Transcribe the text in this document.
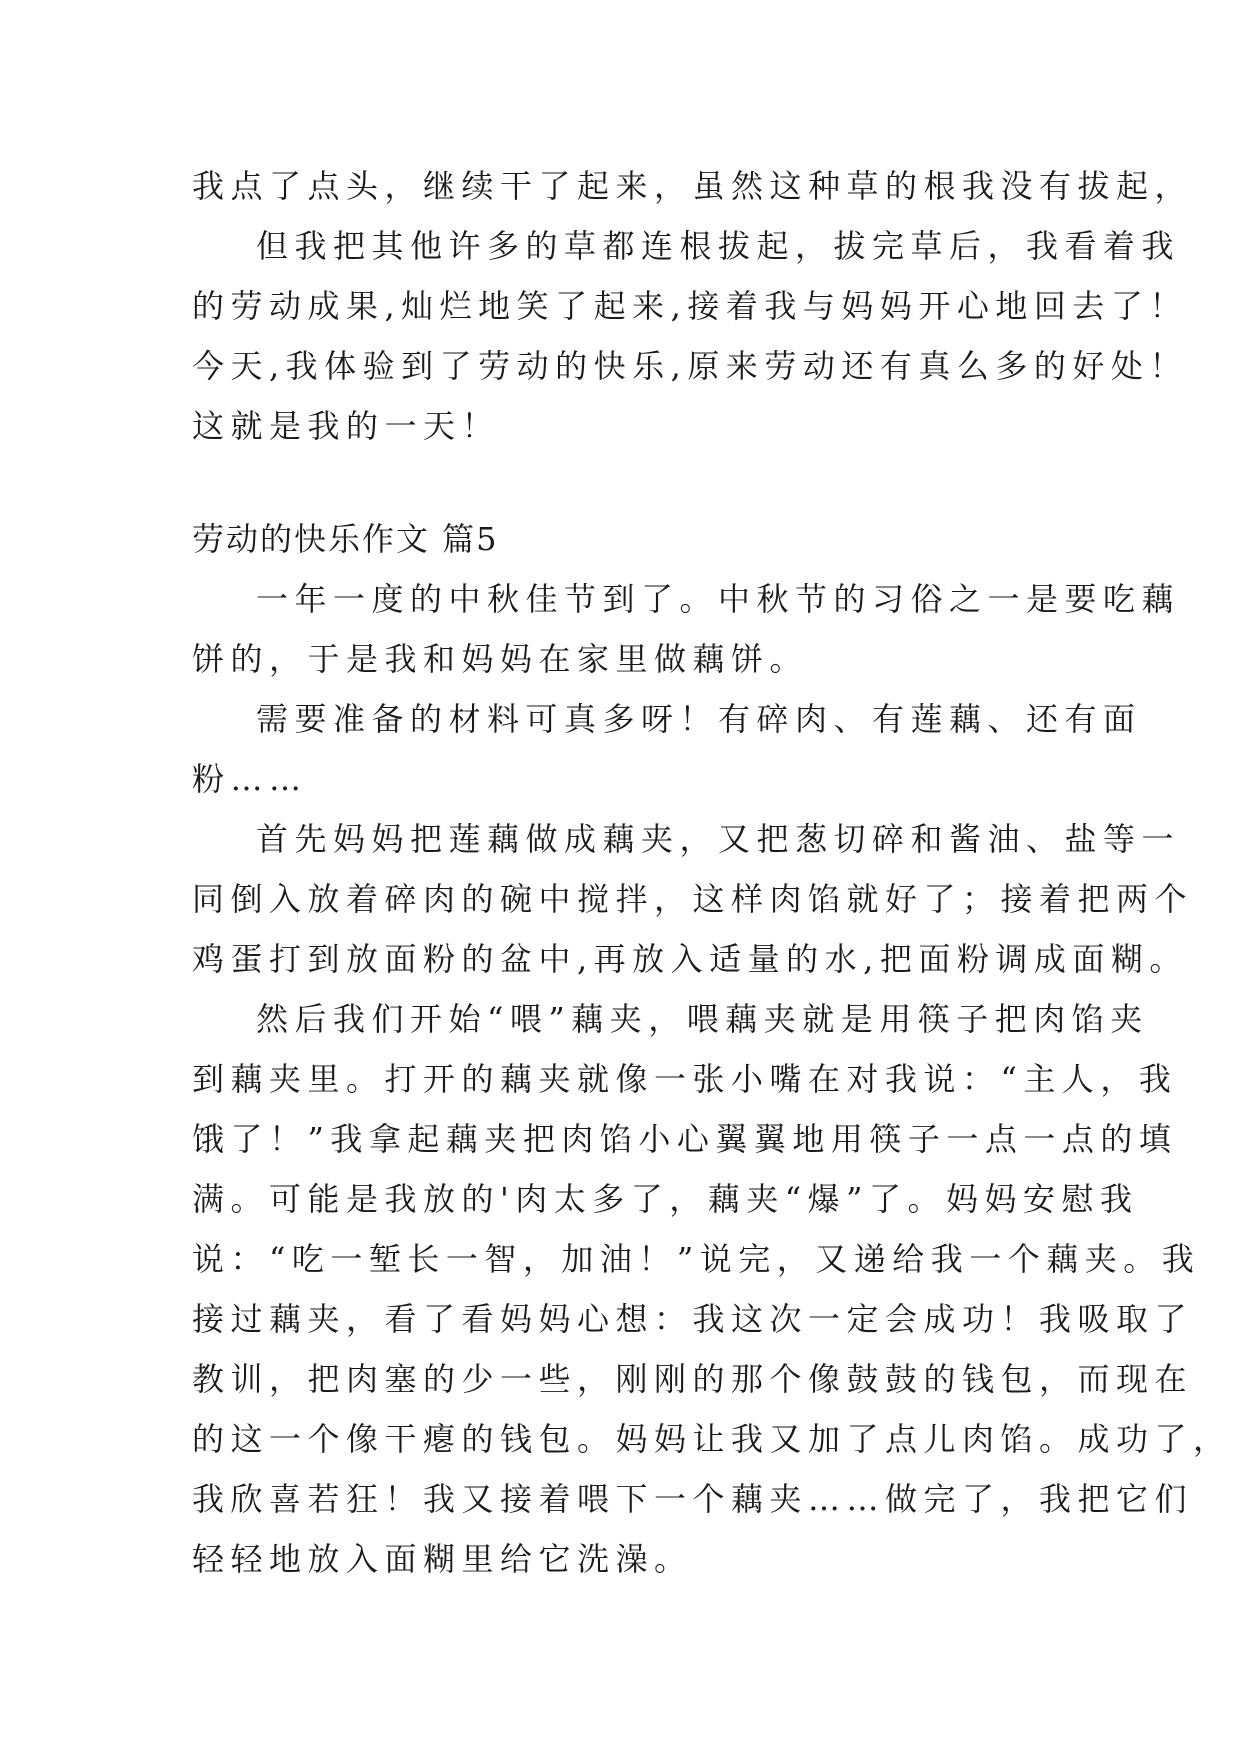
我点了点头，继续干了起来，虽然这种草的根我没有拔起，
但我把其他许多的草都连根拔起，拔完草后，我看着我
的劳动成果,灿烂地笑了起来,接着我与妈妈开心地回去了！
今天,我体验到了劳动的快乐,原来劳动还有真么多的好处！
这就是我的一天！
劳动的快乐作文 篇5
一年一度的中秋佳节到了。中秋节的习俗之一是要吃藕
饼的，于是我和妈妈在家里做藕饼。
需要准备的材料可真多呀！有碎肉、有莲藕、还有面
粉……
首先妈妈把莲藕做成藕夹，又把葱切碎和酱油、盐等一
同倒入放着碎肉的碗中搅拌，这样肉馅就好了；接着把两个
鸡蛋打到放面粉的盆中,再放入适量的水,把面粉调成面糊。
然后我们开始“喂”藕夹，喂藕夹就是用筷子把肉馅夹
到藕夹里。打开的藕夹就像一张小嘴在对我说：“主人，我
饿了！”我拿起藕夹把肉馅小心翼翼地用筷子一点一点的填
满。可能是我放的'肉太多了，藕夹“爆”了。妈妈安慰我
说：“吃一堑长一智，加油！”说完，又递给我一个藕夹。我
接过藕夹，看了看妈妈心想：我这次一定会成功！我吸取了
教训，把肉塞的少一些，刚刚的那个像鼓鼓的钱包，而现在
的这一个像干瘪的钱包。妈妈让我又加了点儿肉馅。成功了，
我欣喜若狂！我又接着喂下一个藕夹……做完了，我把它们
轻轻地放入面糊里给它洗澡。
